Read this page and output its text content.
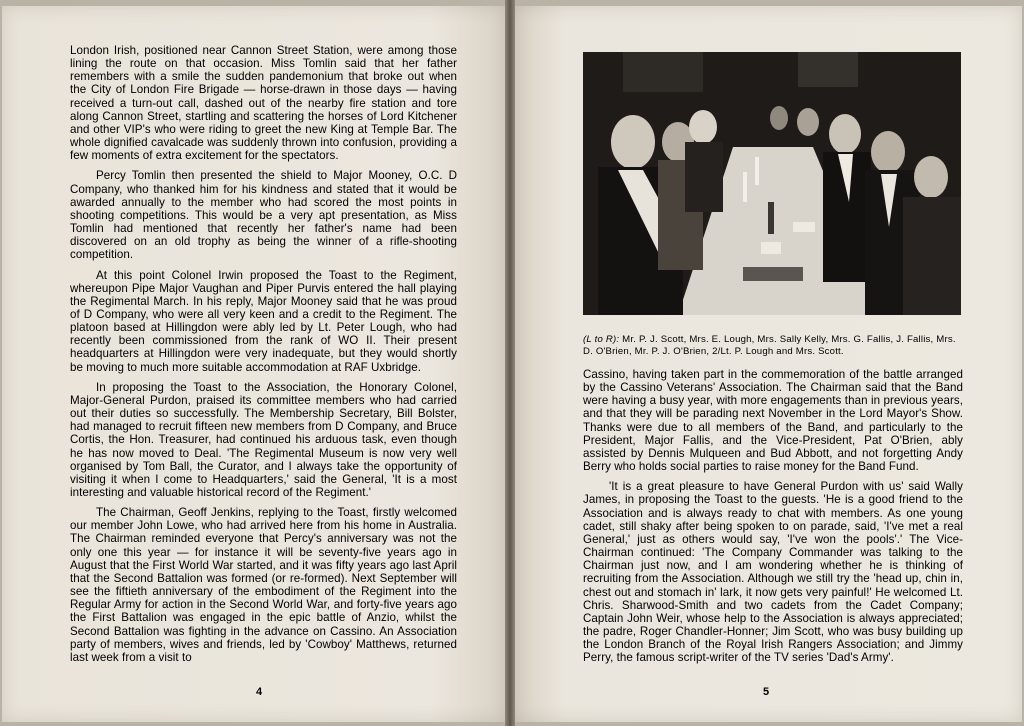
London Irish, positioned near Cannon Street Station, were among those lining the route on that occasion. Miss Tomlin said that her father remembers with a smile the sudden pandemonium that broke out when the City of London Fire Brigade — horse-drawn in those days — having received a turn-out call, dashed out of the nearby fire station and tore along Cannon Street, startling and scattering the horses of Lord Kitchener and other VIP's who were riding to greet the new King at Temple Bar. The whole dignified cavalcade was suddenly thrown into confusion, providing a few moments of extra excitement for the spectators.

Percy Tomlin then presented the shield to Major Mooney, O.C. D Company, who thanked him for his kindness and stated that it would be awarded annually to the member who had scored the most points in shooting competitions. This would be a very apt presentation, as Miss Tomlin had mentioned that recently her father's name had been discovered on an old trophy as being the winner of a rifle-shooting competition.

At this point Colonel Irwin proposed the Toast to the Regiment, whereupon Pipe Major Vaughan and Piper Purvis entered the hall playing the Regimental March. In his reply, Major Mooney said that he was proud of D Company, who were all very keen and a credit to the Regiment. The platoon based at Hillingdon were ably led by Lt. Peter Lough, who had recently been commissioned from the rank of WO II. Their present headquarters at Hillingdon were very inadequate, but they would shortly be moving to much more suitable accommodation at RAF Uxbridge.

In proposing the Toast to the Association, the Honorary Colonel, Major-General Purdon, praised its committee members who had carried out their duties so successfully. The Membership Secretary, Bill Bolster, had managed to recruit fifteen new members from D Company, and Bruce Cortis, the Hon. Treasurer, had continued his arduous task, even though he has now moved to Deal. 'The Regimental Museum is now very well organised by Tom Ball, the Curator, and I always take the opportunity of visiting it when I come to Headquarters,' said the General, 'It is a most interesting and valuable historical record of the Regiment.'

The Chairman, Geoff Jenkins, replying to the Toast, firstly welcomed our member John Lowe, who had arrived here from his home in Australia. The Chairman reminded everyone that Percy's anniversary was not the only one this year — for instance it will be seventy-five years ago in August that the First World War started, and it was fifty years ago last April that the Second Battalion was formed (or re-formed). Next September will see the fiftieth anniversary of the embodiment of the Regiment into the Regular Army for action in the Second World War, and forty-five years ago the First Battalion was engaged in the epic battle of Anzio, whilst the Second Battalion was fighting in the advance on Cassino. An Association party of members, wives and friends, led by 'Cowboy' Matthews, returned last week from a visit to

4
(L to R): Mr. P. J. Scott, Mrs. E. Lough, Mrs. Sally Kelly, Mrs. G. Fallis, J. Fallis, Mrs. D. O'Brien, Mr. P. J. O'Brien, 2/Lt. P. Lough and Mrs. Scott.

Cassino, having taken part in the commemoration of the battle arranged by the Cassino Veterans' Association. The Chairman said that the Band were having a busy year, with more engagements than in previous years, and that they will be parading next November in the Lord Mayor's Show. Thanks were due to all members of the Band, and particularly to the President, Major Fallis, and the Vice-President, Pat O'Brien, ably assisted by Dennis Mulqueen and Bud Abbott, and not forgetting Andy Berry who holds social parties to raise money for the Band Fund.

'It is a great pleasure to have General Purdon with us' said Wally James, in proposing the Toast to the guests. 'He is a good friend to the Association and is always ready to chat with members. As one young cadet, still shaky after being spoken to on parade, said, 'I've met a real General,' just as others would say, 'I've won the pools'.' The Vice-Chairman continued: 'The Company Commander was talking to the Chairman just now, and I am wondering whether he is thinking of recruiting from the Association. Although we still try the 'head up, chin in, chest out and stomach in' lark, it now gets very painful!' He welcomed Lt. Chris. Sharwood-Smith and two cadets from the Cadet Company; Captain John Weir, whose help to the Association is always appreciated; the padre, Roger Chandler-Honner; Jim Scott, who was busy building up the London Branch of the Royal Irish Rangers Association; and Jimmy Perry, the famous script-writer of the TV series 'Dad's Army'.

5
